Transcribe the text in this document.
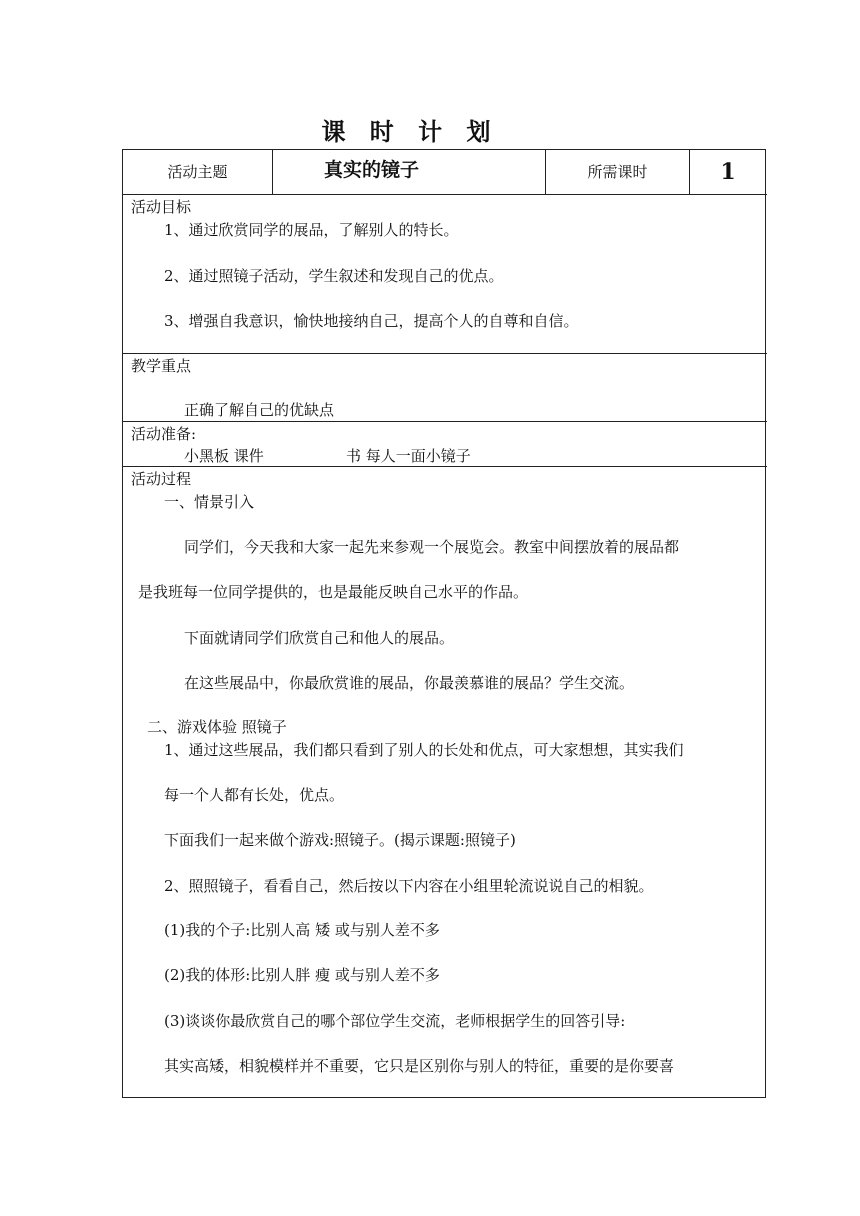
课 时 计 划
活动主题	真实的镜子	所需课时	1
活动目标
1、通过欣赏同学的展品，了解别人的特长。
2、通过照镜子活动，学生叙述和发现自己的优点。
3、增强自我意识，愉快地接纳自己，提高个人的自尊和自信。
教学重点
正确了解自己的优缺点
活动准备:
小黑板 课件	书 每人一面小镜子
活动过程
一、情景引入
同学们，今天我和大家一起先来参观一个展览会。教室中间摆放着的展品都
是我班每一位同学提供的，也是最能反映自己水平的作品。
下面就请同学们欣赏自己和他人的展品。
在这些展品中，你最欣赏谁的展品，你最羡慕谁的展品？学生交流。
二、游戏体验 照镜子
1、通过这些展品，我们都只看到了别人的长处和优点，可大家想想，其实我们
每一个人都有长处，优点。
下面我们一起来做个游戏:照镜子。(揭示课题:照镜子)
2、照照镜子，看看自己，然后按以下内容在小组里轮流说说自己的相貌。
(1)我的个子:比别人高 矮 或与别人差不多
(2)我的体形:比别人胖 瘦 或与别人差不多
(3)谈谈你最欣赏自己的哪个部位学生交流，老师根据学生的回答引导:
其实高矮，相貌模样并不重要，它只是区别你与别人的特征，重要的是你要喜
